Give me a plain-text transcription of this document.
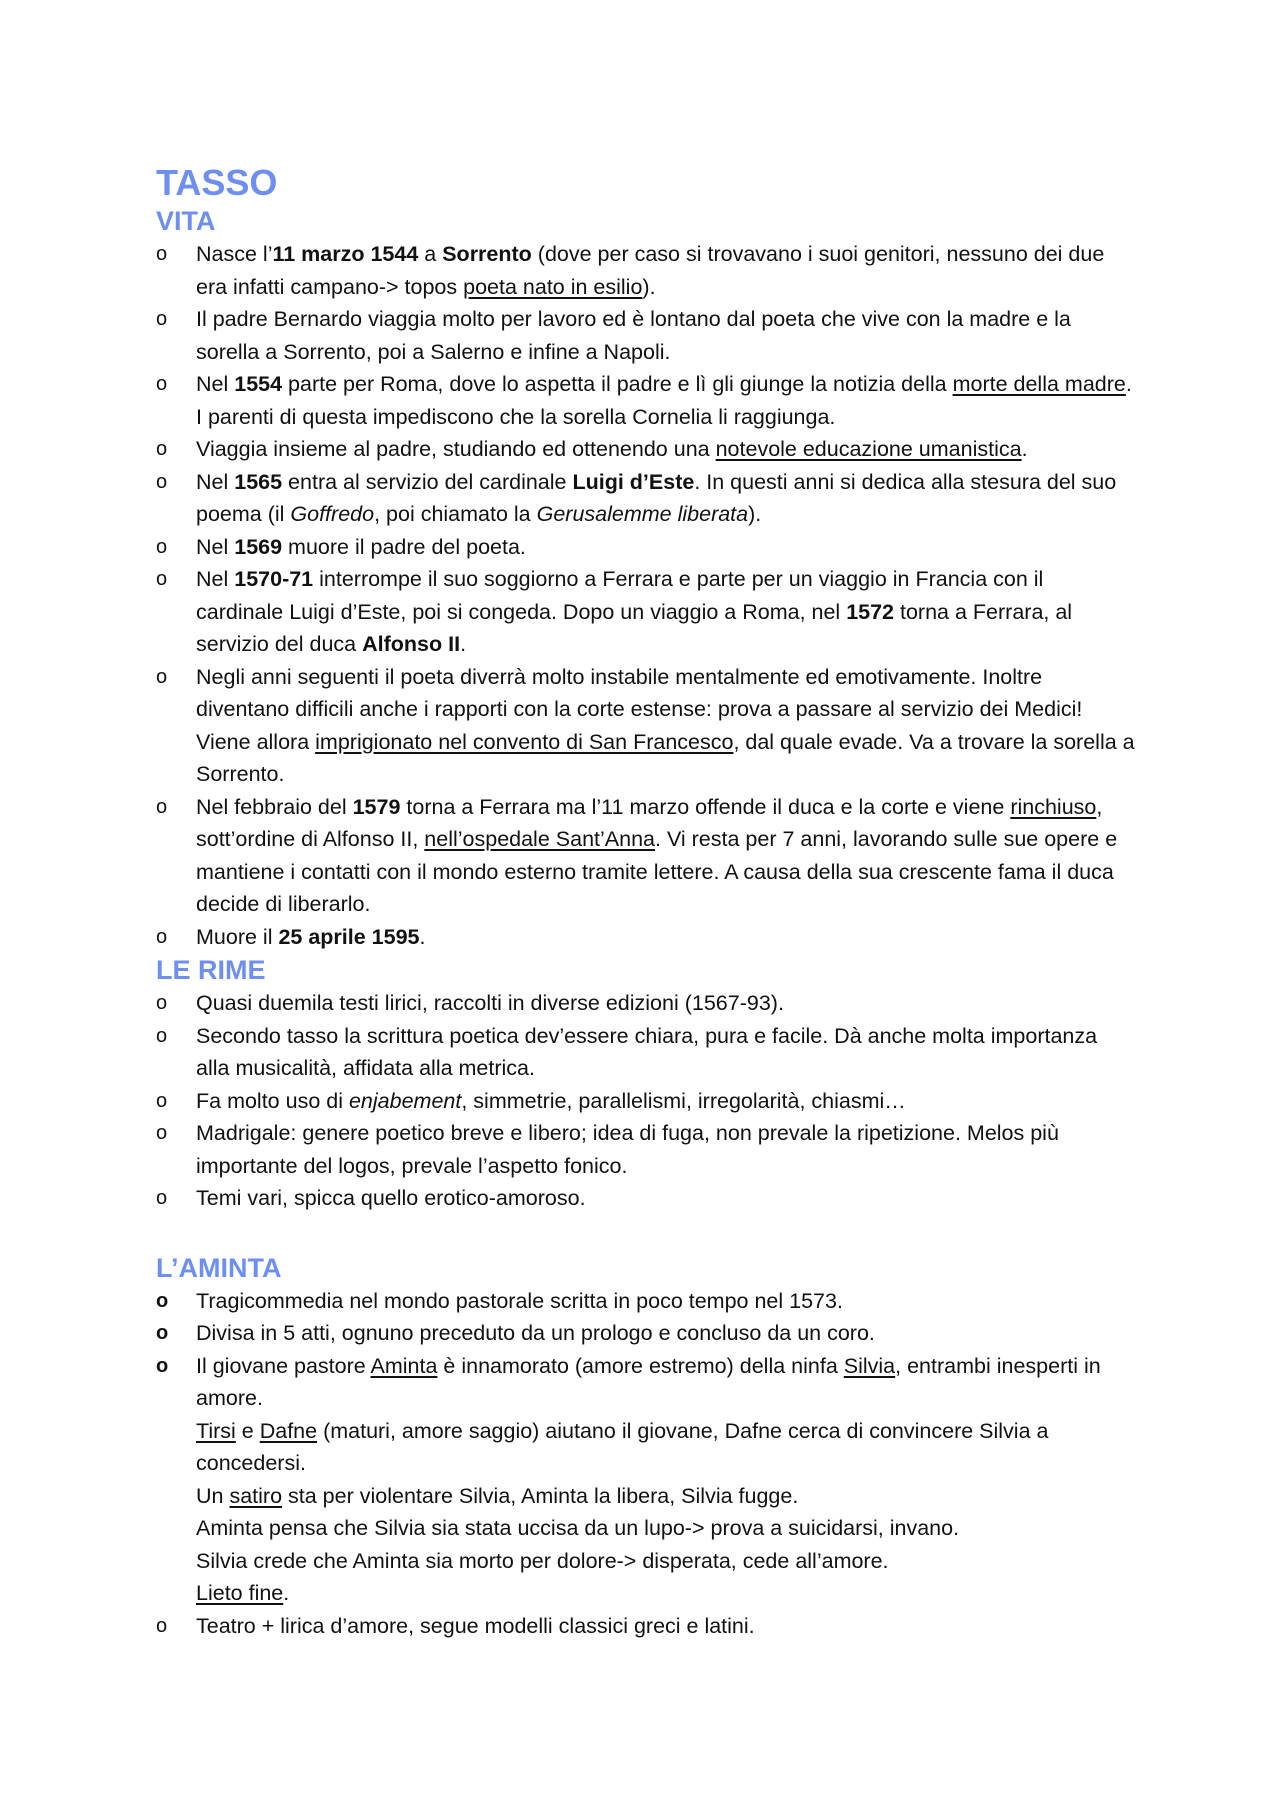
TASSO
VITA
o	Nasce l’11 marzo 1544 a Sorrento (dove per caso si trovavano i suoi genitori, nessuno dei due era infatti campano-> topos poeta nato in esilio).
o	Il padre Bernardo viaggia molto per lavoro ed è lontano dal poeta che vive con la madre e la sorella a Sorrento, poi a Salerno e infine a Napoli.
o	Nel 1554 parte per Roma, dove lo aspetta il padre e lì gli giunge la notizia della morte della madre. I parenti di questa impediscono che la sorella Cornelia li raggiunga.
o	Viaggia insieme al padre, studiando ed ottenendo una notevole educazione umanistica.
o	Nel 1565 entra al servizio del cardinale Luigi d’Este. In questi anni si dedica alla stesura del suo poema (il Goffredo, poi chiamato la Gerusalemme liberata).
o	Nel 1569 muore il padre del poeta.
o	Nel 1570-71 interrompe il suo soggiorno a Ferrara e parte per un viaggio in Francia con il cardinale Luigi d’Este, poi si congeda. Dopo un viaggio a Roma, nel 1572 torna a Ferrara, al servizio del duca Alfonso II.
o	Negli anni seguenti il poeta diverrà molto instabile mentalmente ed emotivamente. Inoltre diventano difficili anche i rapporti con la corte estense: prova a passare al servizio dei Medici! Viene allora imprigionato nel convento di San Francesco, dal quale evade. Va a trovare la sorella a Sorrento.
o	Nel febbraio del 1579 torna a Ferrara ma l’11 marzo offende il duca e la corte e viene rinchiuso, sott’ordine di Alfonso II, nell’ospedale Sant’Anna. Vi resta per 7 anni, lavorando sulle sue opere e mantiene i contatti con il mondo esterno tramite lettere. A causa della sua crescente fama il duca decide di liberarlo.
o	Muore il 25 aprile 1595.
LE RIME
o	Quasi duemila testi lirici, raccolti in diverse edizioni (1567-93).
o	Secondo tasso la scrittura poetica dev’essere chiara, pura e facile. Dà anche molta importanza alla musicalità, affidata alla metrica.
o	Fa molto uso di enjabement, simmetrie, parallelismi, irregolarità, chiasmi…
o	Madrigale: genere poetico breve e libero; idea di fuga, non prevale la ripetizione. Melos più importante del logos, prevale l’aspetto fonico.
o	Temi vari, spicca quello erotico-amoroso.
L’AMINTA
o	Tragicommedia nel mondo pastorale scritta in poco tempo nel 1573.
o	Divisa in 5 atti, ognuno preceduto da un prologo e concluso da un coro.
o	Il giovane pastore Aminta è innamorato (amore estremo) della ninfa Silvia, entrambi inesperti in amore.
Tirsi e Dafne (maturi, amore saggio) aiutano il giovane, Dafne cerca di convincere Silvia a concedersi.
Un satiro sta per violentare Silvia, Aminta la libera, Silvia fugge.
Aminta pensa che Silvia sia stata uccisa da un lupo-> prova a suicidarsi, invano.
Silvia crede che Aminta sia morto per dolore-> disperata, cede all’amore.
Lieto fine.
o	Teatro + lirica d’amore, segue modelli classici greci e latini.
